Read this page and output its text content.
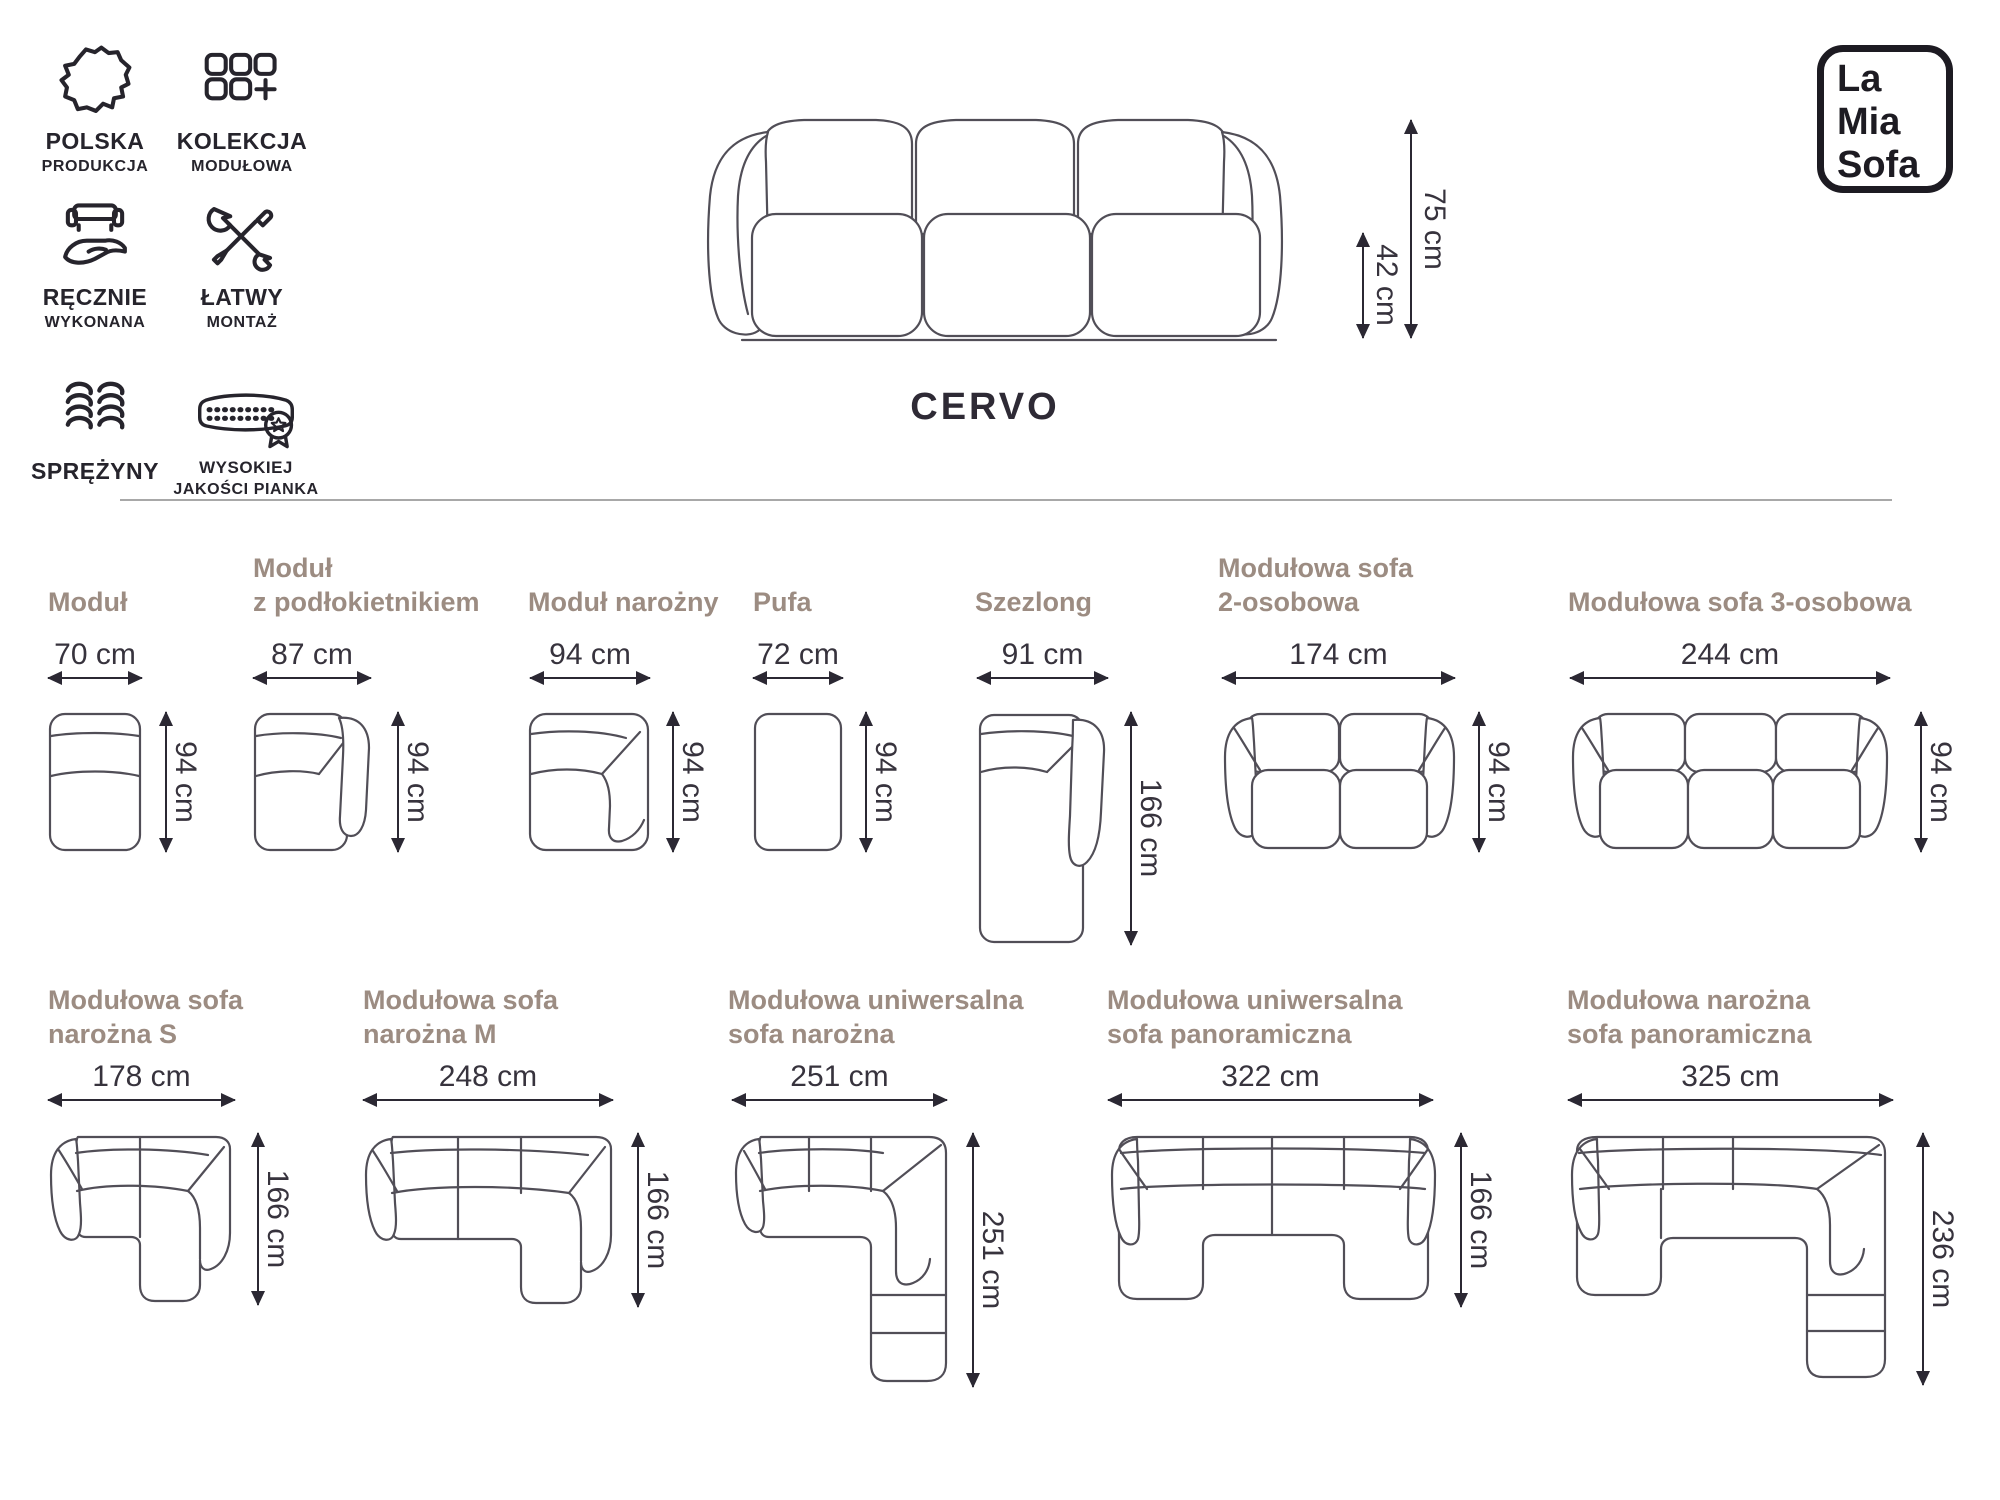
POLSKA
PRODUKCJA
KOLEKCJA
MODUŁOWA
RĘCZNIE
WYKONANA
ŁATWY
MONTAŻ
SPRĘŻYNY	WYSOKIEJ
JAKOŚCI PIANKA
75 cm
42 cm
CERVO
La
Mia
Sofa
Moduł
70 cm
94 cm
Moduł
z podłokietnikiem
87 cm
94 cm
Moduł narożny
94 cm
94 cm
Pufa
72 cm
94 cm
Szezlong
91 cm
166 cm
Modułowa sofa
2-osobowa
174 cm
94 cm
Modułowa sofa 3-osobowa
244 cm
94 cm
Modułowa sofa
narożna S
178 cm
166 cm
Modułowa sofa
narożna M
248 cm
166 cm
Modułowa uniwersalna
sofa narożna
251 cm
251 cm
Modułowa uniwersalna
sofa panoramiczna
322 cm
166 cm
Modułowa narożna
sofa panoramiczna
325 cm
236 cm
